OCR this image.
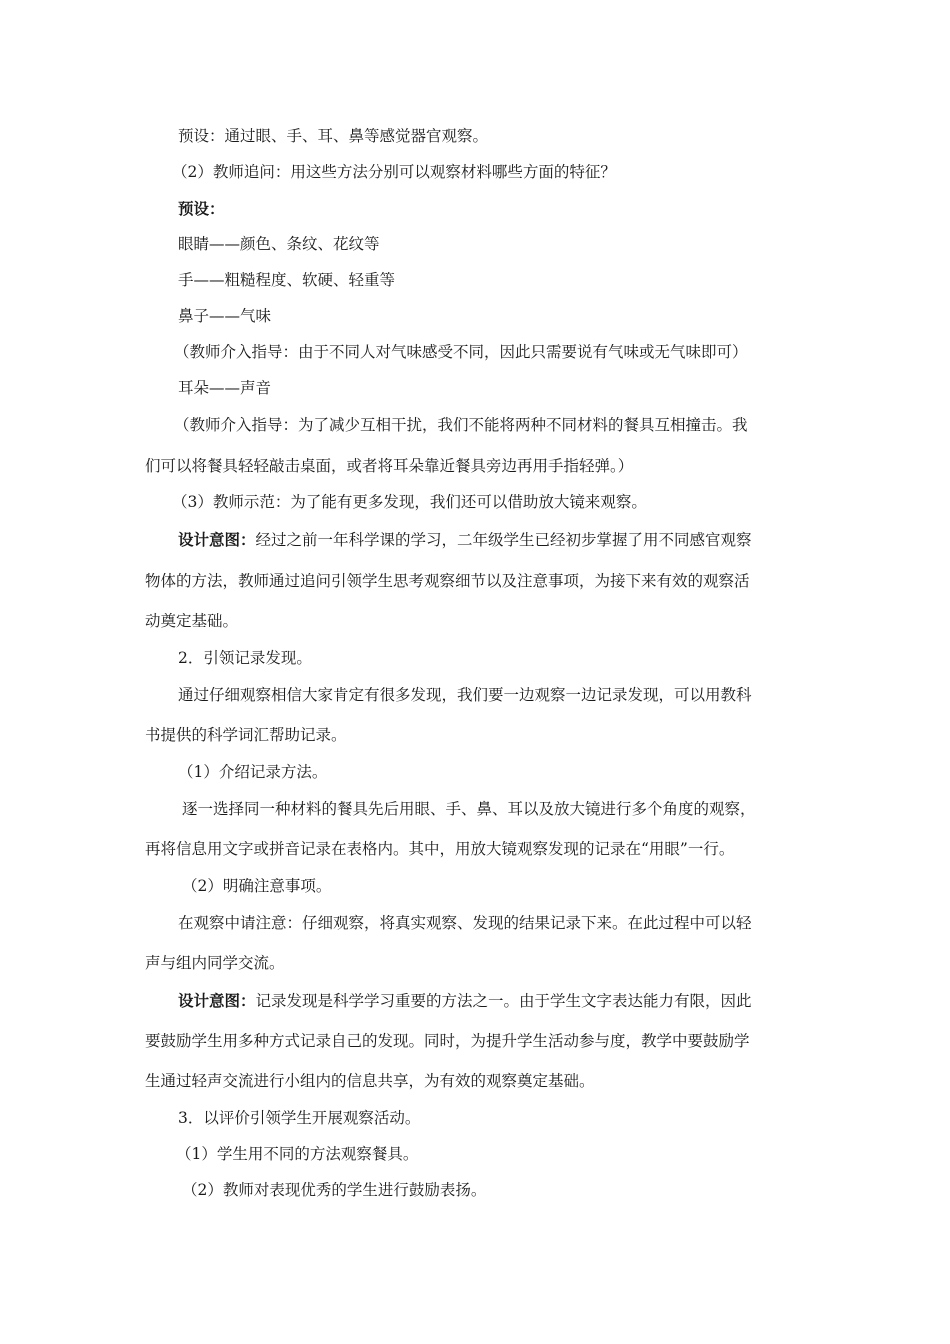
预设：通过眼、手、耳、鼻等感觉器官观察。
（2）教师追问：用这些方法分别可以观察材料哪些方面的特征？
预设：
眼睛——颜色、条纹、花纹等
手——粗糙程度、软硬、轻重等
鼻子——气味
（教师介入指导：由于不同人对气味感受不同，因此只需要说有气味或无气味即可）
耳朵——声音
（教师介入指导：为了减少互相干扰，我们不能将两种不同材料的餐具互相撞击。我
们可以将餐具轻轻敲击桌面，或者将耳朵靠近餐具旁边再用手指轻弹。）
（3）教师示范：为了能有更多发现，我们还可以借助放大镜来观察。
设计意图：经过之前一年科学课的学习，二年级学生已经初步掌握了用不同感官观察
物体的方法，教师通过追问引领学生思考观察细节以及注意事项，为接下来有效的观察活
动奠定基础。
2．引领记录发现。
通过仔细观察相信大家肯定有很多发现，我们要一边观察一边记录发现，可以用教科
书提供的科学词汇帮助记录。
（1）介绍记录方法。
逐一选择同一种材料的餐具先后用眼、手、鼻、耳以及放大镜进行多个角度的观察，
再将信息用文字或拼音记录在表格内。其中，用放大镜观察发现的记录在“用眼”一行。
（2）明确注意事项。
在观察中请注意：仔细观察，将真实观察、发现的结果记录下来。在此过程中可以轻
声与组内同学交流。
设计意图：记录发现是科学学习重要的方法之一。由于学生文字表达能力有限，因此
要鼓励学生用多种方式记录自己的发现。同时，为提升学生活动参与度，教学中要鼓励学
生通过轻声交流进行小组内的信息共享，为有效的观察奠定基础。
3．以评价引领学生开展观察活动。
（1）学生用不同的方法观察餐具。
（2）教师对表现优秀的学生进行鼓励表扬。
